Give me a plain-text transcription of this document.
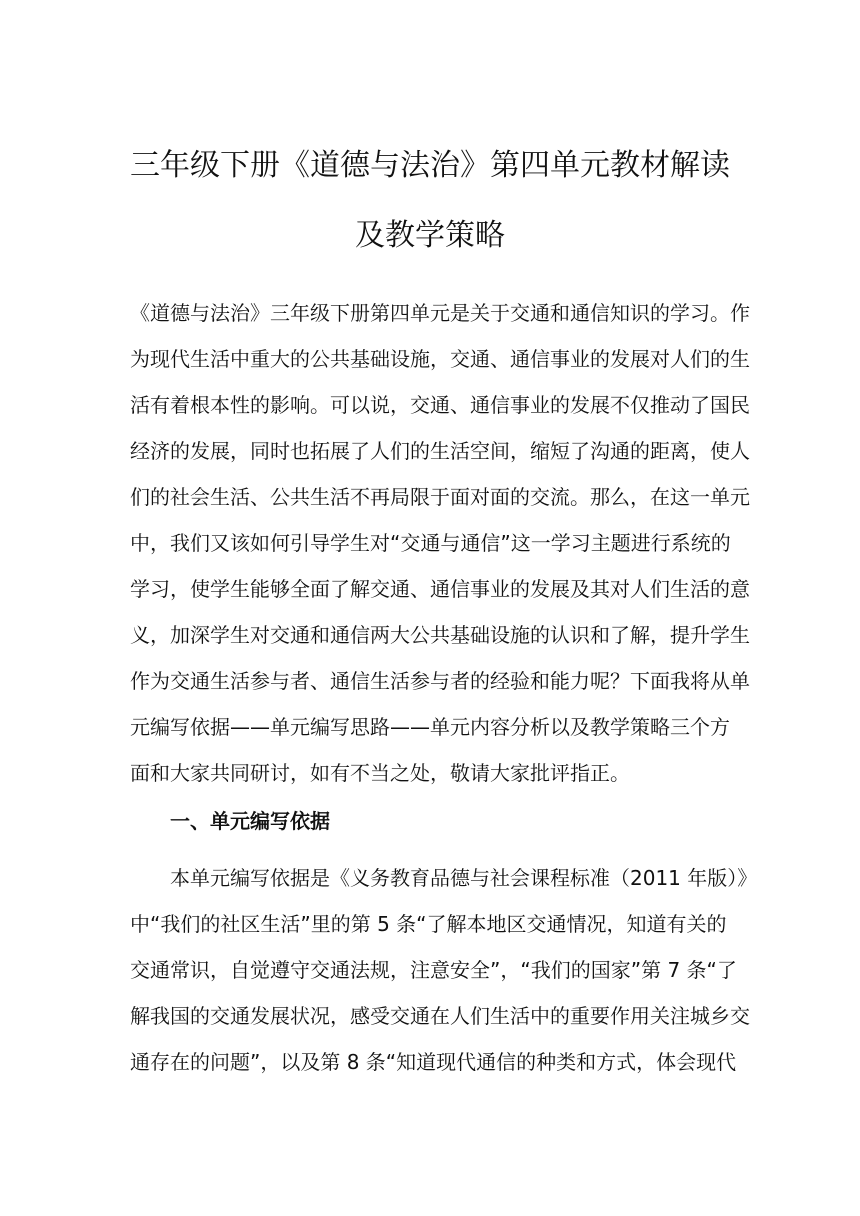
三年级下册《道德与法治》第四单元教材解读
及教学策略
《道德与法治》三年级下册第四单元是关于交通和通信知识的学习。作
为现代生活中重大的公共基础设施，交通、通信事业的发展对人们的生
活有着根本性的影响。可以说，交通、通信事业的发展不仅推动了国民
经济的发展，同时也拓展了人们的生活空间，缩短了沟通的距离，使人
们的社会生活、公共生活不再局限于面对面的交流。那么，在这一单元
中，我们又该如何引导学生对“交通与通信”这一学习主题进行系统的
学习，使学生能够全面了解交通、通信事业的发展及其对人们生活的意
义，加深学生对交通和通信两大公共基础设施的认识和了解，提升学生
作为交通生活参与者、通信生活参与者的经验和能力呢？下面我将从单
元编写依据——单元编写思路——单元内容分析以及教学策略三个方
面和大家共同研讨，如有不当之处，敬请大家批评指正。
一、单元编写依据
本单元编写依据是《义务教育品德与社会课程标准（2011 年版）》
中“我们的社区生活”里的第 5 条“了解本地区交通情况，知道有关的
交通常识，自觉遵守交通法规，注意安全”，“我们的国家”第 7 条“了
解我国的交通发展状况，感受交通在人们生活中的重要作用关注城乡交
通存在的问题”，以及第 8 条“知道现代通信的种类和方式，体会现代
